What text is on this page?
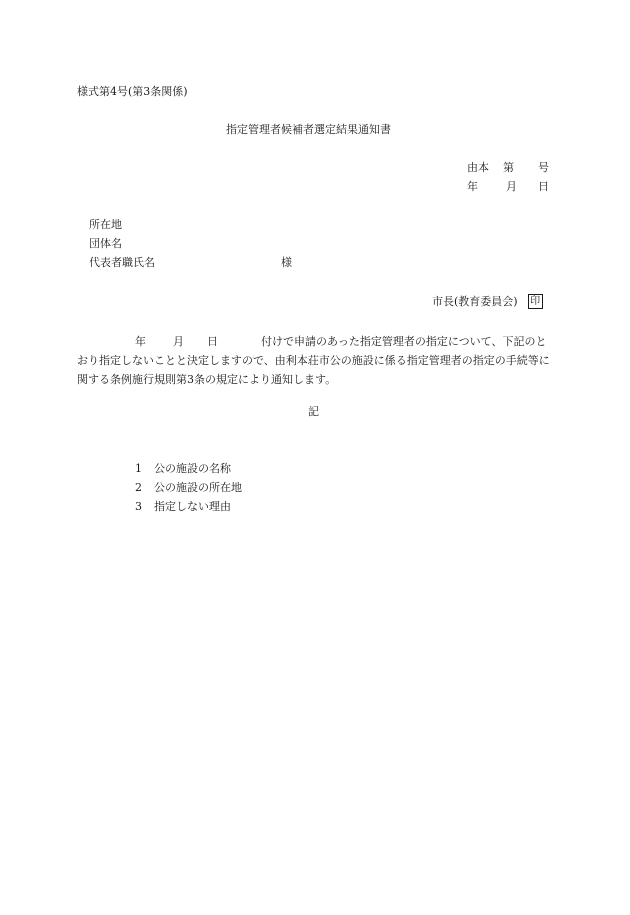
様式第4号(第3条関係)
指定管理者候補者選定結果通知書
由本 第 号
年	月 日
所在地
団体名
代表者職氏名	様
市長(教育委員会) 印
年 月 日	付けで申請のあった指定管理者の指定について、下記のとおり指定しないことと決定しますので、由利本荘市公の施設に係る指定管理者の指定の手続等に関する条例施行規則第3条の規定により通知します。
記
1	公の施設の名称
2	公の施設の所在地
3	指定しない理由
